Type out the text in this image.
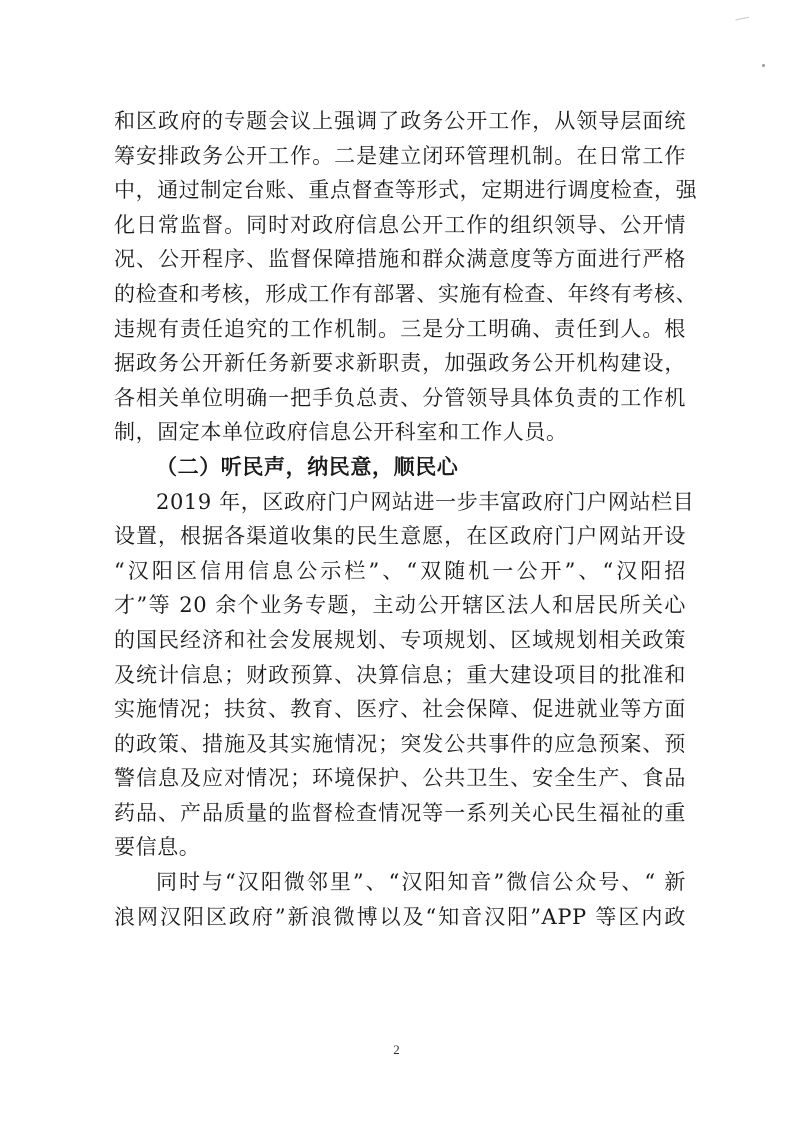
和区政府的专题会议上强调了政务公开工作，从领导层面统
筹安排政务公开工作。二是建立闭环管理机制。在日常工作
中，通过制定台账、重点督查等形式，定期进行调度检查，强
化日常监督。同时对政府信息公开工作的组织领导、公开情
况、公开程序、监督保障措施和群众满意度等方面进行严格
的检查和考核，形成工作有部署、实施有检查、年终有考核、
违规有责任追究的工作机制。三是分工明确、责任到人。根
据政务公开新任务新要求新职责，加强政务公开机构建设，
各相关单位明确一把手负总责、分管领导具体负责的工作机
制，固定本单位政府信息公开科室和工作人员。
（二）听民声，纳民意，顺民心
2019 年，区政府门户网站进一步丰富政府门户网站栏目
设置，根据各渠道收集的民生意愿，在区政府门户网站开设
“汉阳区信用信息公示栏”、“双随机一公开”、“汉阳招
才”等 20 余个业务专题，主动公开辖区法人和居民所关心
的国民经济和社会发展规划、专项规划、区域规划相关政策
及统计信息；财政预算、决算信息；重大建设项目的批准和
实施情况；扶贫、教育、医疗、社会保障、促进就业等方面
的政策、措施及其实施情况；突发公共事件的应急预案、预
警信息及应对情况；环境保护、公共卫生、安全生产、食品
药品、产品质量的监督检查情况等一系列关心民生福祉的重
要信息。
同时与“汉阳微邻里”、“汉阳知音”微信公众号、“ 新
浪网汉阳区政府”新浪微博以及“知音汉阳”APP 等区内政
2
